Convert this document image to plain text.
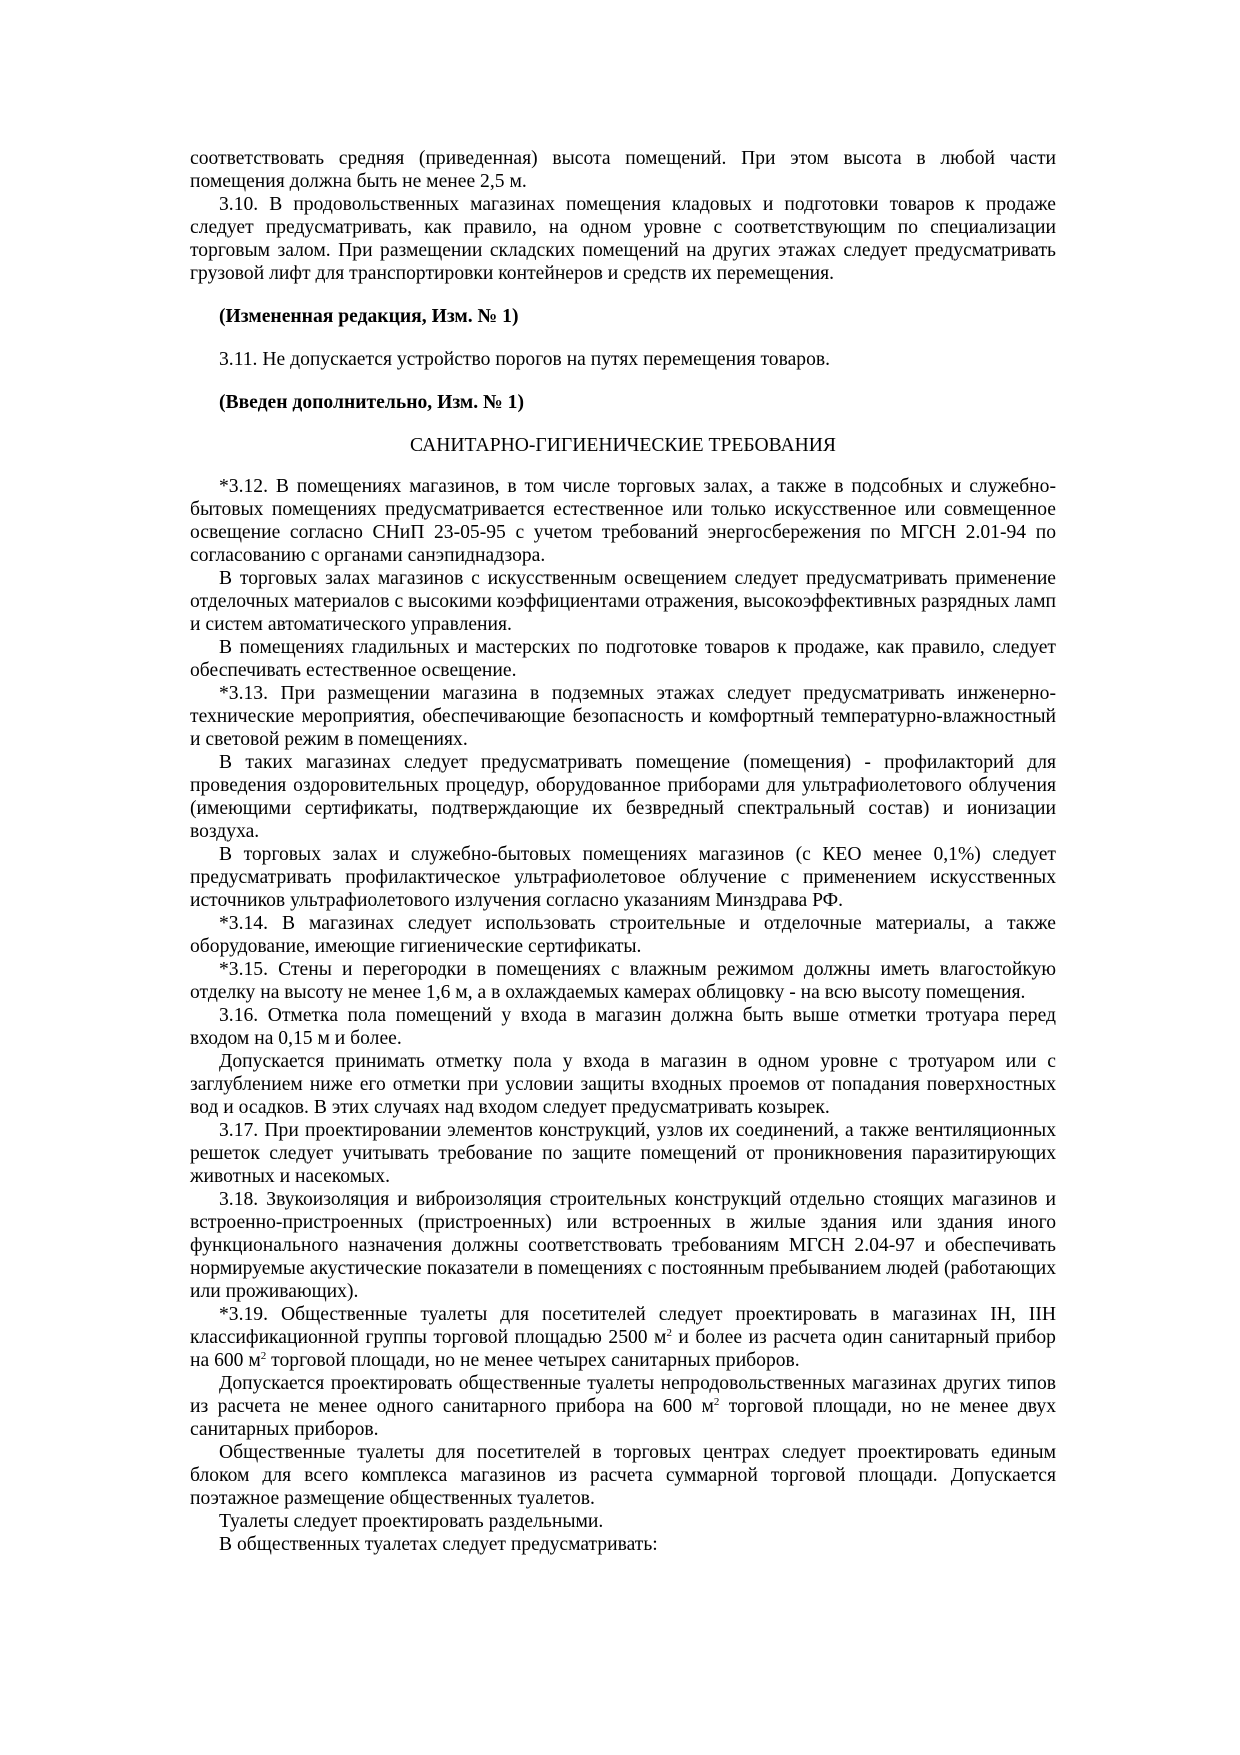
соответствовать средняя (приведенная) высота помещений. При этом высота в любой части помещения должна быть не менее 2,5 м.

3.10. В продовольственных магазинах помещения кладовых и подготовки товаров к продаже следует предусматривать, как правило, на одном уровне с соответствующим по специализации торговым залом. При размещении складских помещений на других этажах следует предусматривать грузовой лифт для транспортировки контейнеров и средств их перемещения.

(Измененная редакция, Изм. № 1)

3.11. Не допускается устройство порогов на путях перемещения товаров.

(Введен дополнительно, Изм. № 1)

САНИТАРНО-ГИГИЕНИЧЕСКИЕ ТРЕБОВАНИЯ

*3.12. В помещениях магазинов, в том числе торговых залах, а также в подсобных и служебно-бытовых помещениях предусматривается естественное или только искусственное или совмещенное освещение согласно СНиП 23-05-95 с учетом требований энергосбережения по МГСН 2.01-94 по согласованию с органами санэпиднадзора.

В торговых залах магазинов с искусственным освещением следует предусматривать применение отделочных материалов с высокими коэффициентами отражения, высокоэффективных разрядных ламп и систем автоматического управления.

В помещениях гладильных и мастерских по подготовке товаров к продаже, как правило, следует обеспечивать естественное освещение.

*3.13. При размещении магазина в подземных этажах следует предусматривать инженерно-технические мероприятия, обеспечивающие безопасность и комфортный температурно-влажностный и световой режим в помещениях.

В таких магазинах следует предусматривать помещение (помещения) - профилакторий для проведения оздоровительных процедур, оборудованное приборами для ультрафиолетового облучения (имеющими сертификаты, подтверждающие их безвредный спектральный состав) и ионизации воздуха.

В торговых залах и служебно-бытовых помещениях магазинов (с КЕО менее 0,1%) следует предусматривать профилактическое ультрафиолетовое облучение с применением искусственных источников ультрафиолетового излучения согласно указаниям Минздрава РФ.

*3.14. В магазинах следует использовать строительные и отделочные материалы, а также оборудование, имеющие гигиенические сертификаты.

*3.15. Стены и перегородки в помещениях с влажным режимом должны иметь влагостойкую отделку на высоту не менее 1,6 м, а в охлаждаемых камерах облицовку - на всю высоту помещения.

3.16. Отметка пола помещений у входа в магазин должна быть выше отметки тротуара перед входом на 0,15 м и более.

Допускается принимать отметку пола у входа в магазин в одном уровне с тротуаром или с заглублением ниже его отметки при условии защиты входных проемов от попадания поверхностных вод и осадков. В этих случаях над входом следует предусматривать козырек.

3.17. При проектировании элементов конструкций, узлов их соединений, а также вентиляционных решеток следует учитывать требование по защите помещений от проникновения паразитирующих животных и насекомых.

3.18. Звукоизоляция и виброизоляция строительных конструкций отдельно стоящих магазинов и встроенно-пристроенных (пристроенных) или встроенных в жилые здания или здания иного функционального назначения должны соответствовать требованиям МГСН 2.04-97 и обеспечивать нормируемые акустические показатели в помещениях с постоянным пребыванием людей (работающих или проживающих).

*3.19. Общественные туалеты для посетителей следует проектировать в магазинах IН, IIН классификационной группы торговой площадью 2500 $м^2$ и более из расчета один санитарный прибор на 600 $м^2$ торговой площади, но не менее четырех санитарных приборов.

Допускается проектировать общественные туалеты непродовольственных магазинах других типов из расчета не менее одного санитарного прибора на 600 $м^2$ торговой площади, но не менее двух санитарных приборов.

Общественные туалеты для посетителей в торговых центрах следует проектировать единым блоком для всего комплекса магазинов из расчета суммарной торговой площади. Допускается поэтажное размещение общественных туалетов.

Туалеты следует проектировать раздельными.

В общественных туалетах следует предусматривать:
